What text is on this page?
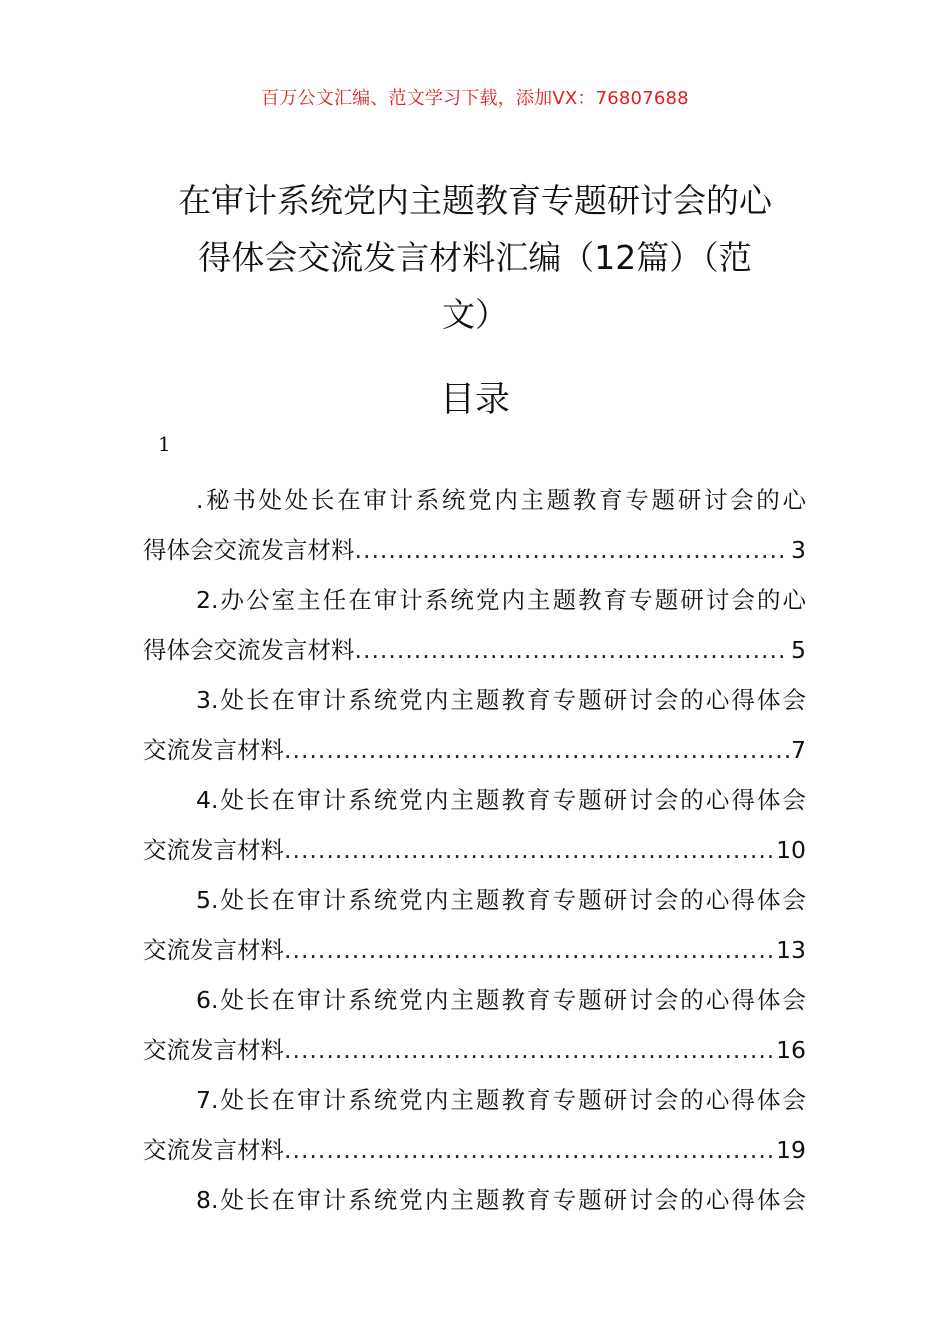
百万公文汇编、范文学习下载，添加VX：76807688
在审计系统党内主题教育专题研讨会的心
得体会交流发言材料汇编（12篇）（范
文）
目录
1
.秘书处处长在审计系统党内主题教育专题研讨会的心
得体会交流发言材料 .....	3
2.办公室主任在审计系统党内主题教育专题研讨会的心
得体会交流发言材料 .....	5
3.处长在审计系统党内主题教育专题研讨会的心得体会
交流发言材料 .....	7
4.处长在审计系统党内主题教育专题研讨会的心得体会
交流发言材料 .....	10
5.处长在审计系统党内主题教育专题研讨会的心得体会
交流发言材料 .....	13
6.处长在审计系统党内主题教育专题研讨会的心得体会
交流发言材料 .....	16
7.处长在审计系统党内主题教育专题研讨会的心得体会
交流发言材料 .....	19
8.处长在审计系统党内主题教育专题研讨会的心得体会
